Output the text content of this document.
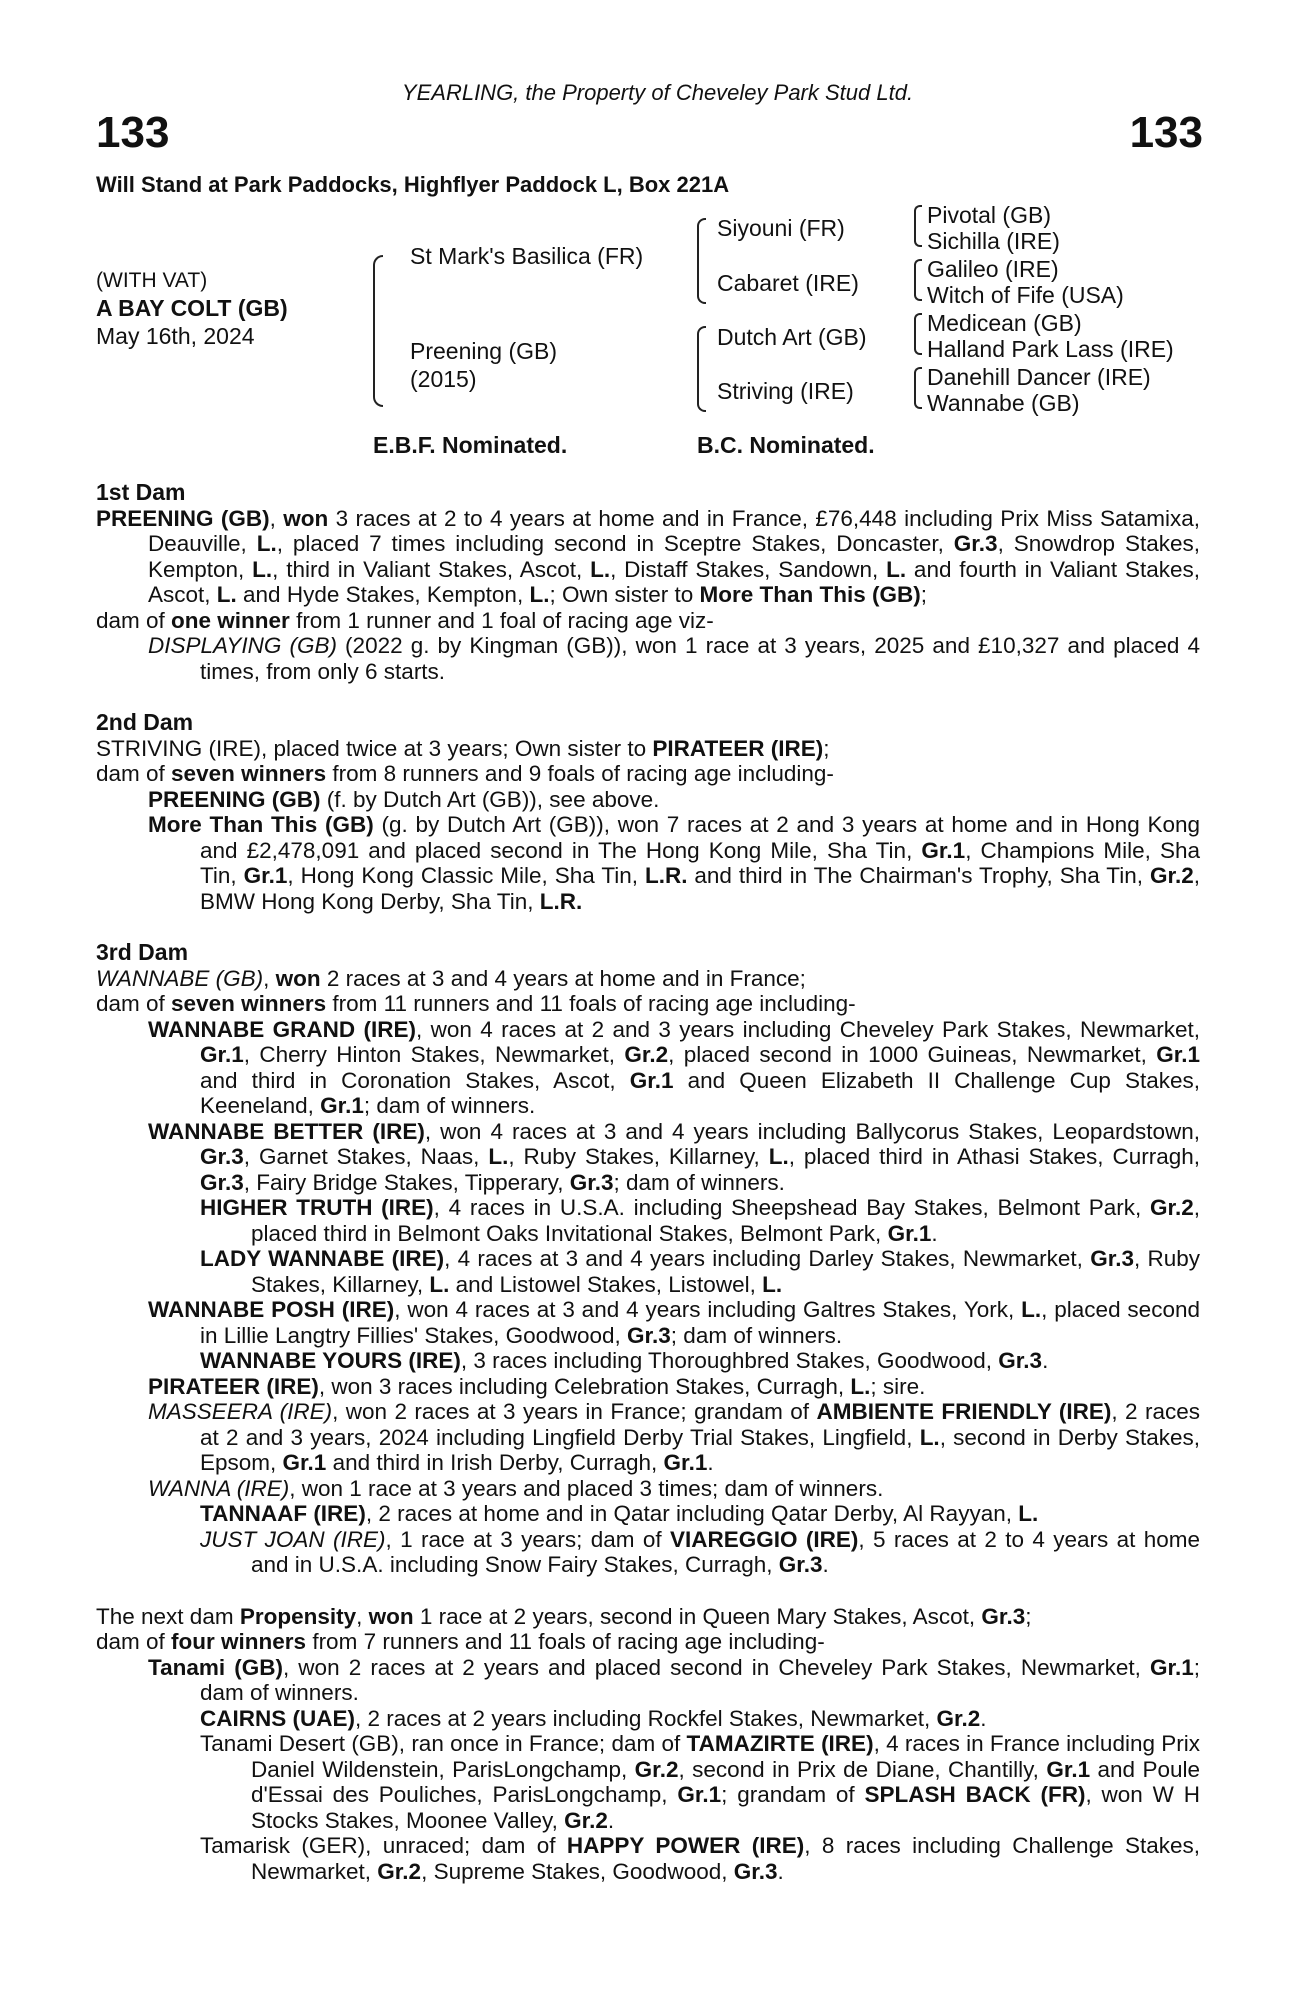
YEARLING, the Property of Cheveley Park Stud Ltd.
133	133
Will Stand at Park Paddocks, Highflyer Paddock L, Box 221A
(WITH VAT)
A BAY COLT (GB)
May 16th, 2024
St Mark's Basilica (FR)
Preening (GB)
(2015)
Siyouni (FR)
Cabaret (IRE)
Dutch Art (GB)
Striving (IRE)
Pivotal (GB)
Sichilla (IRE)
Galileo (IRE)
Witch of Fife (USA)
Medicean (GB)
Halland Park Lass (IRE)
Danehill Dancer (IRE)
Wannabe (GB)
E.B.F. Nominated.	B.C. Nominated.

1st Dam

PREENING (GB), won 3 races at 2 to 4 years at home and in France, £76,448 including Prix Miss Satamixa, Deauville, L., placed 7 times including second in Sceptre Stakes, Doncaster, Gr.3, Snowdrop Stakes, Kempton, L., third in Valiant Stakes, Ascot, L., Distaff Stakes, Sandown, L. and fourth in Valiant Stakes, Ascot, L. and Hyde Stakes, Kempton, L.; Own sister to More Than This (GB);

dam of one winner from 1 runner and 1 foal of racing age viz-

DISPLAYING (GB) (2022 g. by Kingman (GB)), won 1 race at 3 years, 2025 and £10,327 and placed 4 times, from only 6 starts.

2nd Dam

STRIVING (IRE), placed twice at 3 years; Own sister to PIRATEER (IRE);

dam of seven winners from 8 runners and 9 foals of racing age including-

PREENING (GB) (f. by Dutch Art (GB)), see above.

More Than This (GB) (g. by Dutch Art (GB)), won 7 races at 2 and 3 years at home and in Hong Kong and £2,478,091 and placed second in The Hong Kong Mile, Sha Tin, Gr.1, Champions Mile, Sha Tin, Gr.1, Hong Kong Classic Mile, Sha Tin, L.R. and third in The Chairman's Trophy, Sha Tin, Gr.2, BMW Hong Kong Derby, Sha Tin, L.R.

3rd Dam

WANNABE (GB), won 2 races at 3 and 4 years at home and in France;

dam of seven winners from 11 runners and 11 foals of racing age including-

WANNABE GRAND (IRE), won 4 races at 2 and 3 years including Cheveley Park Stakes, Newmarket, Gr.1, Cherry Hinton Stakes, Newmarket, Gr.2, placed second in 1000 Guineas, Newmarket, Gr.1 and third in Coronation Stakes, Ascot, Gr.1 and Queen Elizabeth II Challenge Cup Stakes, Keeneland, Gr.1; dam of winners.

WANNABE BETTER (IRE), won 4 races at 3 and 4 years including Ballycorus Stakes, Leopardstown, Gr.3, Garnet Stakes, Naas, L., Ruby Stakes, Killarney, L., placed third in Athasi Stakes, Curragh, Gr.3, Fairy Bridge Stakes, Tipperary, Gr.3; dam of winners.

HIGHER TRUTH (IRE), 4 races in U.S.A. including Sheepshead Bay Stakes, Belmont Park, Gr.2, placed third in Belmont Oaks Invitational Stakes, Belmont Park, Gr.1.

LADY WANNABE (IRE), 4 races at 3 and 4 years including Darley Stakes, Newmarket, Gr.3, Ruby Stakes, Killarney, L. and Listowel Stakes, Listowel, L.

WANNABE POSH (IRE), won 4 races at 3 and 4 years including Galtres Stakes, York, L., placed second in Lillie Langtry Fillies' Stakes, Goodwood, Gr.3; dam of winners.

WANNABE YOURS (IRE), 3 races including Thoroughbred Stakes, Goodwood, Gr.3.

PIRATEER (IRE), won 3 races including Celebration Stakes, Curragh, L.; sire.

MASSEERA (IRE), won 2 races at 3 years in France; grandam of AMBIENTE FRIENDLY (IRE), 2 races at 2 and 3 years, 2024 including Lingfield Derby Trial Stakes, Lingfield, L., second in Derby Stakes, Epsom, Gr.1 and third in Irish Derby, Curragh, Gr.1.

WANNA (IRE), won 1 race at 3 years and placed 3 times; dam of winners.

TANNAAF (IRE), 2 races at home and in Qatar including Qatar Derby, Al Rayyan, L.

JUST JOAN (IRE), 1 race at 3 years; dam of VIAREGGIO (IRE), 5 races at 2 to 4 years at home and in U.S.A. including Snow Fairy Stakes, Curragh, Gr.3.

The next dam Propensity, won 1 race at 2 years, second in Queen Mary Stakes, Ascot, Gr.3;

dam of four winners from 7 runners and 11 foals of racing age including-

Tanami (GB), won 2 races at 2 years and placed second in Cheveley Park Stakes, Newmarket, Gr.1; dam of winners.

CAIRNS (UAE), 2 races at 2 years including Rockfel Stakes, Newmarket, Gr.2.

Tanami Desert (GB), ran once in France; dam of TAMAZIRTE (IRE), 4 races in France including Prix Daniel Wildenstein, ParisLongchamp, Gr.2, second in Prix de Diane, Chantilly, Gr.1 and Poule d'Essai des Pouliches, ParisLongchamp, Gr.1; grandam of SPLASH BACK (FR), won W H Stocks Stakes, Moonee Valley, Gr.2.

Tamarisk (GER), unraced; dam of HAPPY POWER (IRE), 8 races including Challenge Stakes, Newmarket, Gr.2, Supreme Stakes, Goodwood, Gr.3.
